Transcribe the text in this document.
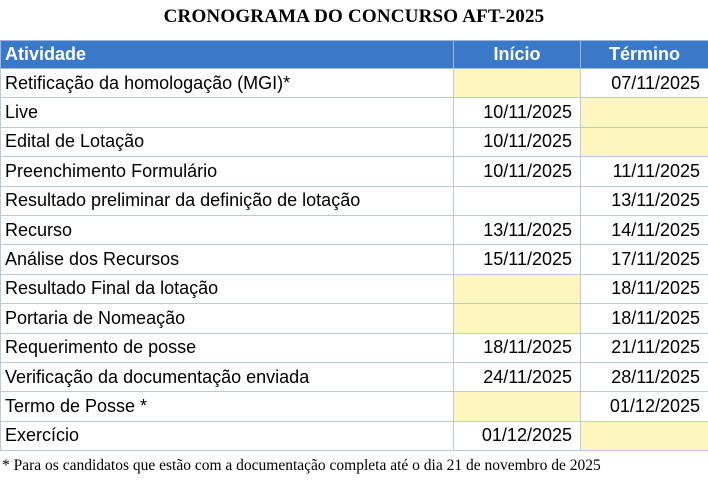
CRONOGRAMA DO CONCURSO AFT-2025
Atividade	Início	Término
Retificação da homologação (MGI)*		07/11/2025
Live	10/11/2025	
Edital de Lotação	10/11/2025	
Preenchimento Formulário	10/11/2025	11/11/2025
Resultado preliminar da definição de lotação		13/11/2025
Recurso	13/11/2025	14/11/2025
Análise dos Recursos	15/11/2025	17/11/2025
Resultado Final da lotação		18/11/2025
Portaria de Nomeação		18/11/2025
Requerimento de posse	18/11/2025	21/11/2025
Verificação da documentação enviada	24/11/2025	28/11/2025
Termo de Posse *		01/12/2025
Exercício	01/12/2025	
* Para os candidatos que estão com a documentação completa até o dia 21 de novembro de 2025
